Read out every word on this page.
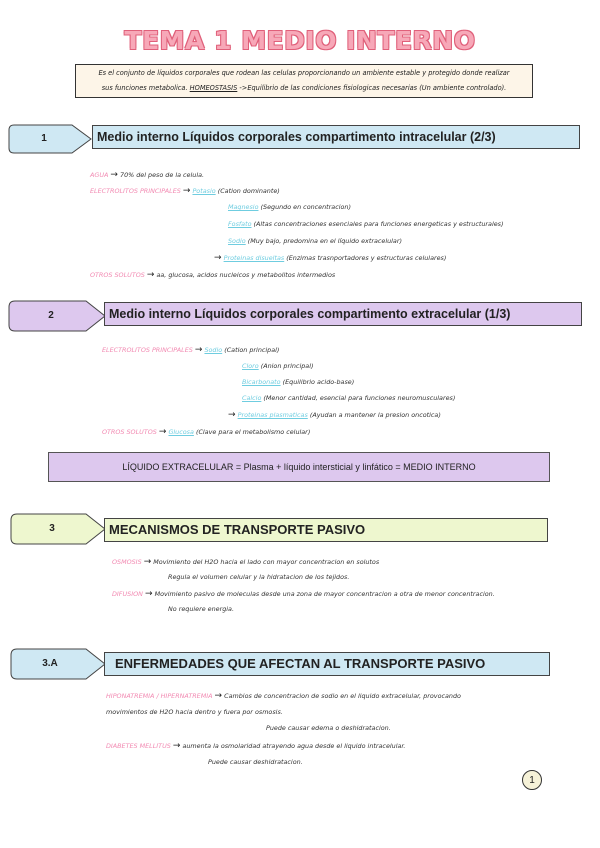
TEMA 1 MEDIO INTERNO
Es el conjunto de líquidos corporales que rodean las celulas proporcionando un ambiente estable y protegido donde realizar
sus funciones metabolica. HOMEOSTASIS ->Equilibrio de las condiciones fisiologicas necesarias (Un ambiente controlado).
1	Medio interno Líquidos corporales compartimento intracelular (2/3)
AGUA → 70% del peso de la celula.
ELECTROLITOS PRINCIPALES → Potasio (Cation dominante)
Magnesio (Segundo en concentracion)
Fosfato (Altas concentraciones esenciales para funciones energeticas y estructurales)
Sodio (Muy bajo, predomina en el líquido extracelular)
→ Proteinas disueltas (Enzimas trasnportadores y estructuras celulares)
OTROS SOLUTOS → aa, glucosa, acidos nucleicos y metabolitos intermedios
2	Medio interno Líquidos corporales compartimento extracelular (1/3)
ELECTROLITOS PRINCIPALES → Sodio (Cation principal)
Cloro (Anion principal)
Bicarbonato (Equilibrio acido-base)
Calcio (Menor cantidad, esencial para funciones neuromusculares)
→ Proteinas plasmaticas (Ayudan a mantener la presion oncotica)
OTROS SOLUTOS → Glucosa (Clave para el metabolismo celular)
LÍQUIDO EXTRACELULAR = Plasma + líquido intersticial y linfático = MEDIO INTERNO
3	MECANISMOS DE TRANSPORTE PASIVO
OSMOSIS → Movimiento del H2O hacia el lado con mayor concentracion en solutos
Regula el volumen celular y la hidratacion de los tejidos.
DIFUSION → Movimiento pasivo de moleculas desde una zona de mayor concentracion a otra de menor concentracion.
No requiere energia.
3.A	ENFERMEDADES QUE AFECTAN AL TRANSPORTE PASIVO
HIPONATREMIA / HIPERNATREMIA → Cambios de concentracion de sodio en el liquido extracelular, provocando
movimientos de H2O hacia dentro y fuera por osmosis.
Puede causar edema o deshidratacion.
DIABETES MELLITUS → aumenta la osmolaridad atrayendo agua desde el liquido intracelular.
Puede causar deshidratacion.
1
